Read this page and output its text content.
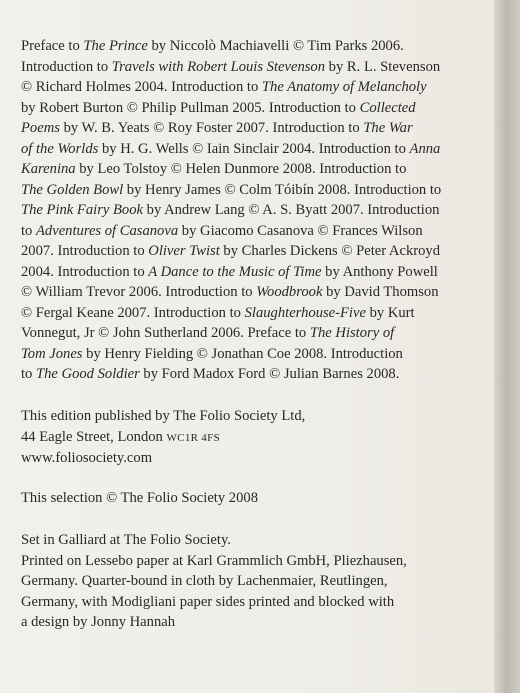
Preface to The Prince by Niccolò Machiavelli © Tim Parks 2006.
Introduction to Travels with Robert Louis Stevenson by R. L. Stevenson
© Richard Holmes 2004. Introduction to The Anatomy of Melancholy
by Robert Burton © Philip Pullman 2005. Introduction to Collected
Poems by W. B. Yeats © Roy Foster 2007. Introduction to The War
of the Worlds by H. G. Wells © Iain Sinclair 2004. Introduction to Anna
Karenina by Leo Tolstoy © Helen Dunmore 2008. Introduction to
The Golden Bowl by Henry James © Colm Tóibín 2008. Introduction to
The Pink Fairy Book by Andrew Lang © A. S. Byatt 2007. Introduction
to Adventures of Casanova by Giacomo Casanova © Frances Wilson
2007. Introduction to Oliver Twist by Charles Dickens © Peter Ackroyd
2004. Introduction to A Dance to the Music of Time by Anthony Powell
© William Trevor 2006. Introduction to Woodbrook by David Thomson
© Fergal Keane 2007. Introduction to Slaughterhouse-Five by Kurt
Vonnegut, Jr © John Sutherland 2006. Preface to The History of
Tom Jones by Henry Fielding © Jonathan Coe 2008. Introduction
to The Good Soldier by Ford Madox Ford © Julian Barnes 2008.
This edition published by The Folio Society Ltd,
44 Eagle Street, London WC1R 4FS
www.foliosociety.com
This selection © The Folio Society 2008
Set in Galliard at The Folio Society.
Printed on Lessebo paper at Karl Grammlich GmbH, Pliezhausen,
Germany. Quarter-bound in cloth by Lachenmaier, Reutlingen,
Germany, with Modigliani paper sides printed and blocked with
a design by Jonny Hannah
